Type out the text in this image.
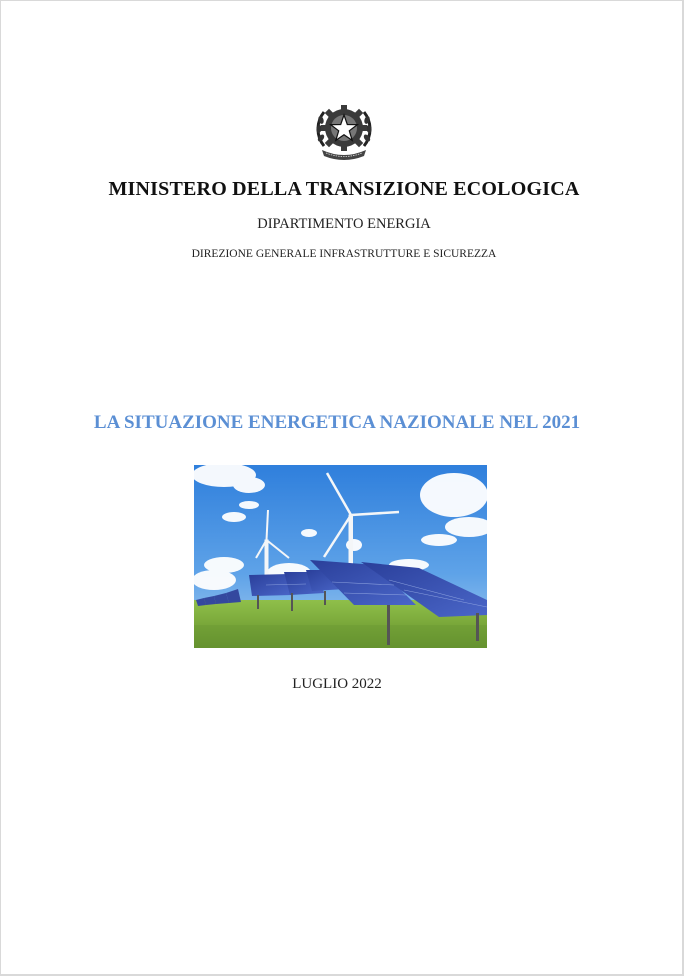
MINISTERO DELLA TRANSIZIONE ECOLOGICA
DIPARTIMENTO ENERGIA
DIREZIONE GENERALE INFRASTRUTTURE E SICUREZZA
LA SITUAZIONE ENERGETICA NAZIONALE NEL 2021
LUGLIO 2022
